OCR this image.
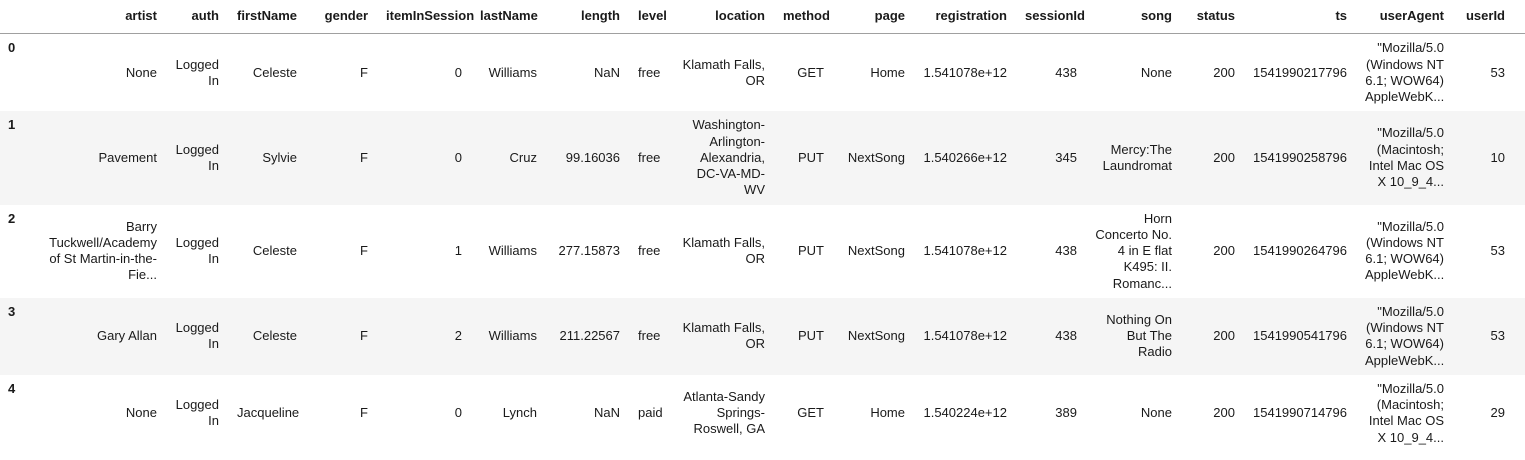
	artist	auth	firstName	gender	itemInSession	lastName	length	level	location	method	page	registration	sessionId	song	status	ts	userAgent	userId
0	None	Logged In	Celeste	F	0	Williams	NaN	free	Klamath Falls, OR	GET	Home	1.541078e+12	438	None	200	1541990217796	"Mozilla/5.0 (Windows NT 6.1; WOW64) AppleWebK...	53
1	Pavement	Logged In	Sylvie	F	0	Cruz	99.16036	free	Washington-Arlington-Alexandria, DC-VA-MD-WV	PUT	NextSong	1.540266e+12	345	Mercy:The Laundromat	200	1541990258796	"Mozilla/5.0 (Macintosh; Intel Mac OS X 10_9_4...	10
2	Barry Tuckwell/Academy of St Martin-in-the-Fie...	Logged In	Celeste	F	1	Williams	277.15873	free	Klamath Falls, OR	PUT	NextSong	1.541078e+12	438	Horn Concerto No. 4 in E flat K495: II. Romanc...	200	1541990264796	"Mozilla/5.0 (Windows NT 6.1; WOW64) AppleWebK...	53
3	Gary Allan	Logged In	Celeste	F	2	Williams	211.22567	free	Klamath Falls, OR	PUT	NextSong	1.541078e+12	438	Nothing On But The Radio	200	1541990541796	"Mozilla/5.0 (Windows NT 6.1; WOW64) AppleWebK...	53
4	None	Logged In	Jacqueline	F	0	Lynch	NaN	paid	Atlanta-Sandy Springs-Roswell, GA	GET	Home	1.540224e+12	389	None	200	1541990714796	"Mozilla/5.0 (Macintosh; Intel Mac OS X 10_9_4...	29
